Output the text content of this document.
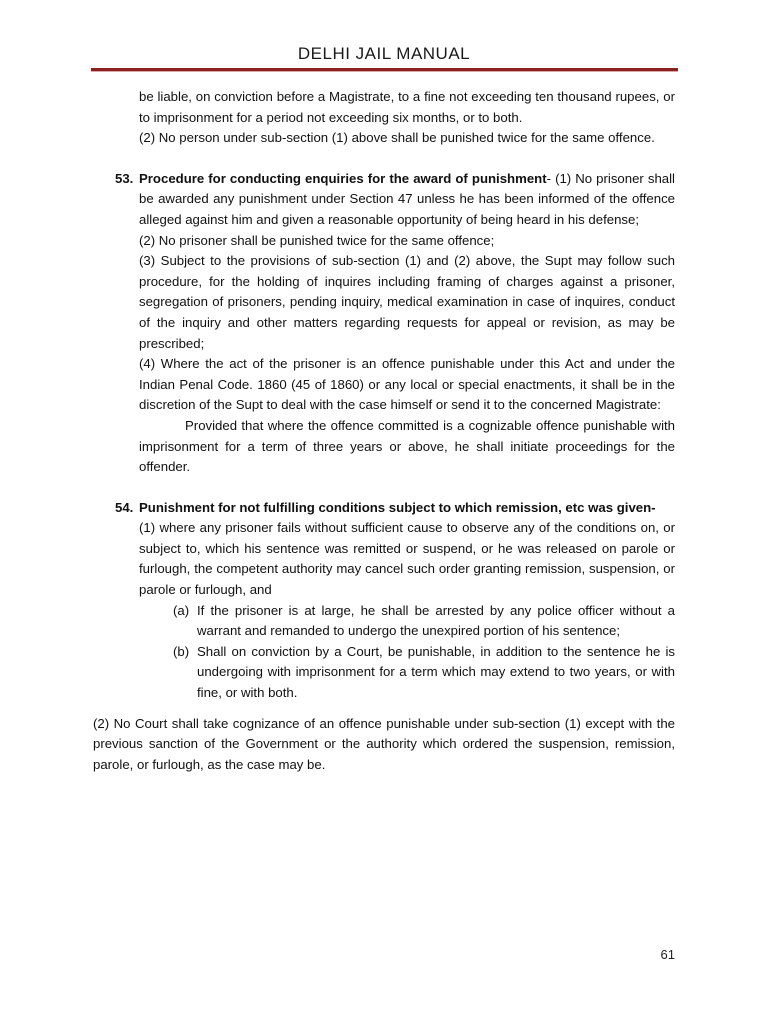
DELHI JAIL MANUAL

be liable, on conviction before a Magistrate, to a fine not exceeding ten thousand rupees, or to imprisonment for a period not exceeding six months, or to both.

(2) No person under sub-section (1) above shall be punished twice for the same offence.

53. Procedure for conducting enquiries for the award of punishment- (1) No prisoner shall be awarded any punishment under Section 47 unless he has been informed of the offence alleged against him and given a reasonable opportunity of being heard in his defense;

(2) No prisoner shall be punished twice for the same offence;

(3) Subject to the provisions of sub-section (1) and (2) above, the Supt may follow such procedure, for the holding of inquires including framing of charges against a prisoner, segregation of prisoners, pending inquiry, medical examination in case of inquires, conduct of the inquiry and other matters regarding requests for appeal or revision, as may be prescribed;

(4) Where the act of the prisoner is an offence punishable under this Act and under the Indian Penal Code. 1860 (45 of 1860) or any local or special enactments, it shall be in the discretion of the Supt to deal with the case himself or send it to the concerned Magistrate:

Provided that where the offence committed is a cognizable offence punishable with imprisonment for a term of three years or above, he shall initiate proceedings for the offender.

54. Punishment for not fulfilling conditions subject to which remission, etc was given-

(1) where any prisoner fails without sufficient cause to observe any of the conditions on, or subject to, which his sentence was remitted or suspend, or he was released on parole or furlough, the competent authority may cancel such order granting remission, suspension, or parole or furlough, and

(a) If the prisoner is at large, he shall be arrested by any police officer without a warrant and remanded to undergo the unexpired portion of his sentence;

(b) Shall on conviction by a Court, be punishable, in addition to the sentence he is undergoing with imprisonment for a term which may extend to two years, or with fine, or with both.

(2) No Court shall take cognizance of an offence punishable under sub-section (1) except with the previous sanction of the Government or the authority which ordered the suspension, remission, parole, or furlough, as the case may be.

61
